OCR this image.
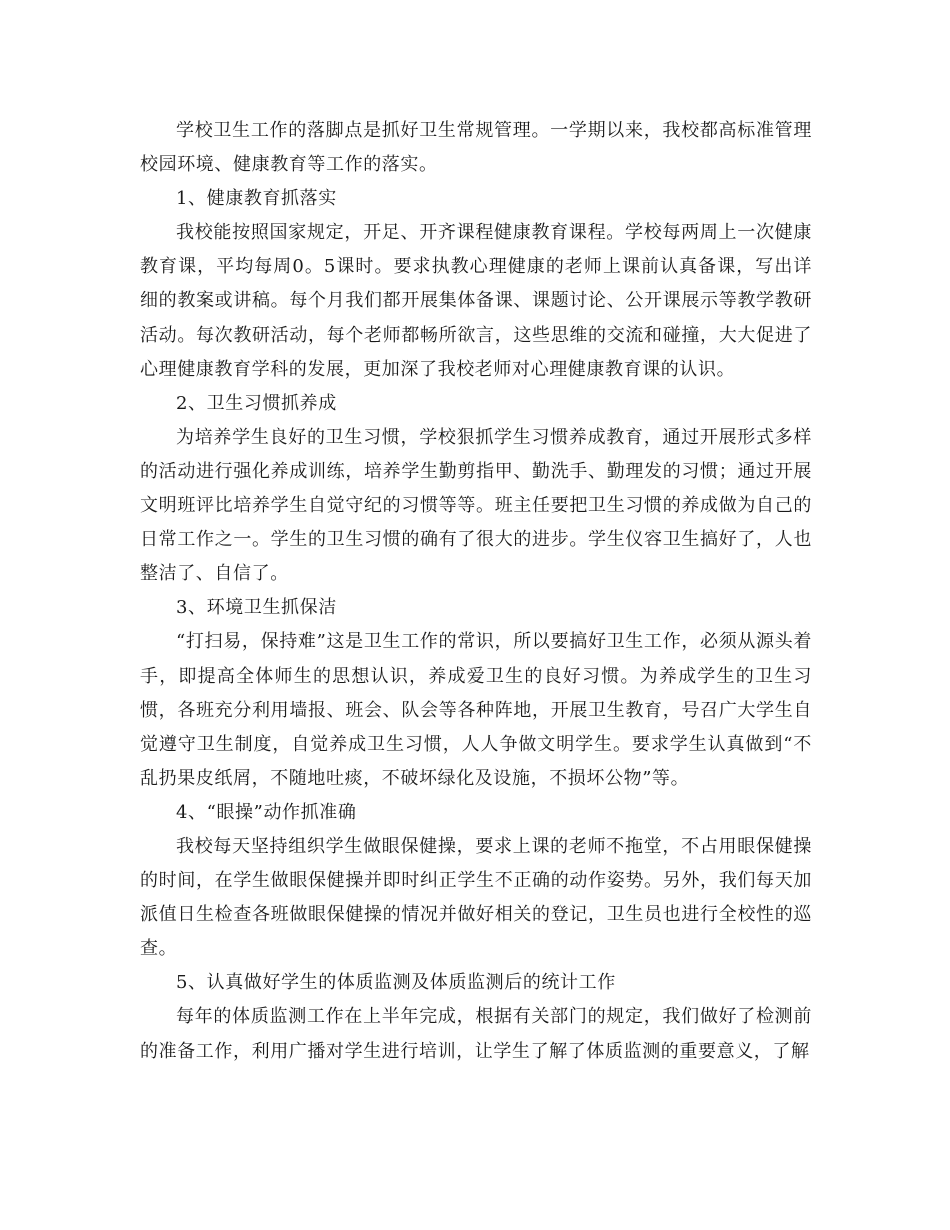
学校卫生工作的落脚点是抓好卫生常规管理。一学期以来，我校都高标准管理校园环境、健康教育等工作的落实。

1、健康教育抓落实

我校能按照国家规定，开足、开齐课程健康教育课程。学校每两周上一次健康教育课，平均每周0。5课时。要求执教心理健康的老师上课前认真备课，写出详细的教案或讲稿。每个月我们都开展集体备课、课题讨论、公开课展示等教学教研活动。每次教研活动，每个老师都畅所欲言，这些思维的交流和碰撞，大大促进了心理健康教育学科的发展，更加深了我校老师对心理健康教育课的认识。

2、卫生习惯抓养成

为培养学生良好的卫生习惯，学校狠抓学生习惯养成教育，通过开展形式多样的活动进行强化养成训练，培养学生勤剪指甲、勤洗手、勤理发的习惯；通过开展文明班评比培养学生自觉守纪的习惯等等。班主任要把卫生习惯的养成做为自己的日常工作之一。学生的卫生习惯的确有了很大的进步。学生仪容卫生搞好了，人也整洁了、自信了。

3、环境卫生抓保洁

“打扫易，保持难”这是卫生工作的常识，所以要搞好卫生工作，必须从源头着手，即提高全体师生的思想认识，养成爱卫生的良好习惯。为养成学生的卫生习惯，各班充分利用墙报、班会、队会等各种阵地，开展卫生教育，号召广大学生自觉遵守卫生制度，自觉养成卫生习惯，人人争做文明学生。要求学生认真做到“不乱扔果皮纸屑，不随地吐痰，不破坏绿化及设施，不损坏公物”等。

4、“眼操”动作抓准确

我校每天坚持组织学生做眼保健操，要求上课的老师不拖堂，不占用眼保健操的时间，在学生做眼保健操并即时纠正学生不正确的动作姿势。另外，我们每天加派值日生检查各班做眼保健操的情况并做好相关的登记，卫生员也进行全校性的巡查。

5、认真做好学生的体质监测及体质监测后的统计工作

每年的体质监测工作在上半年完成，根据有关部门的规定，我们做好了检测前的准备工作，利用广播对学生进行培训，让学生了解了体质监测的重要意义，了解
